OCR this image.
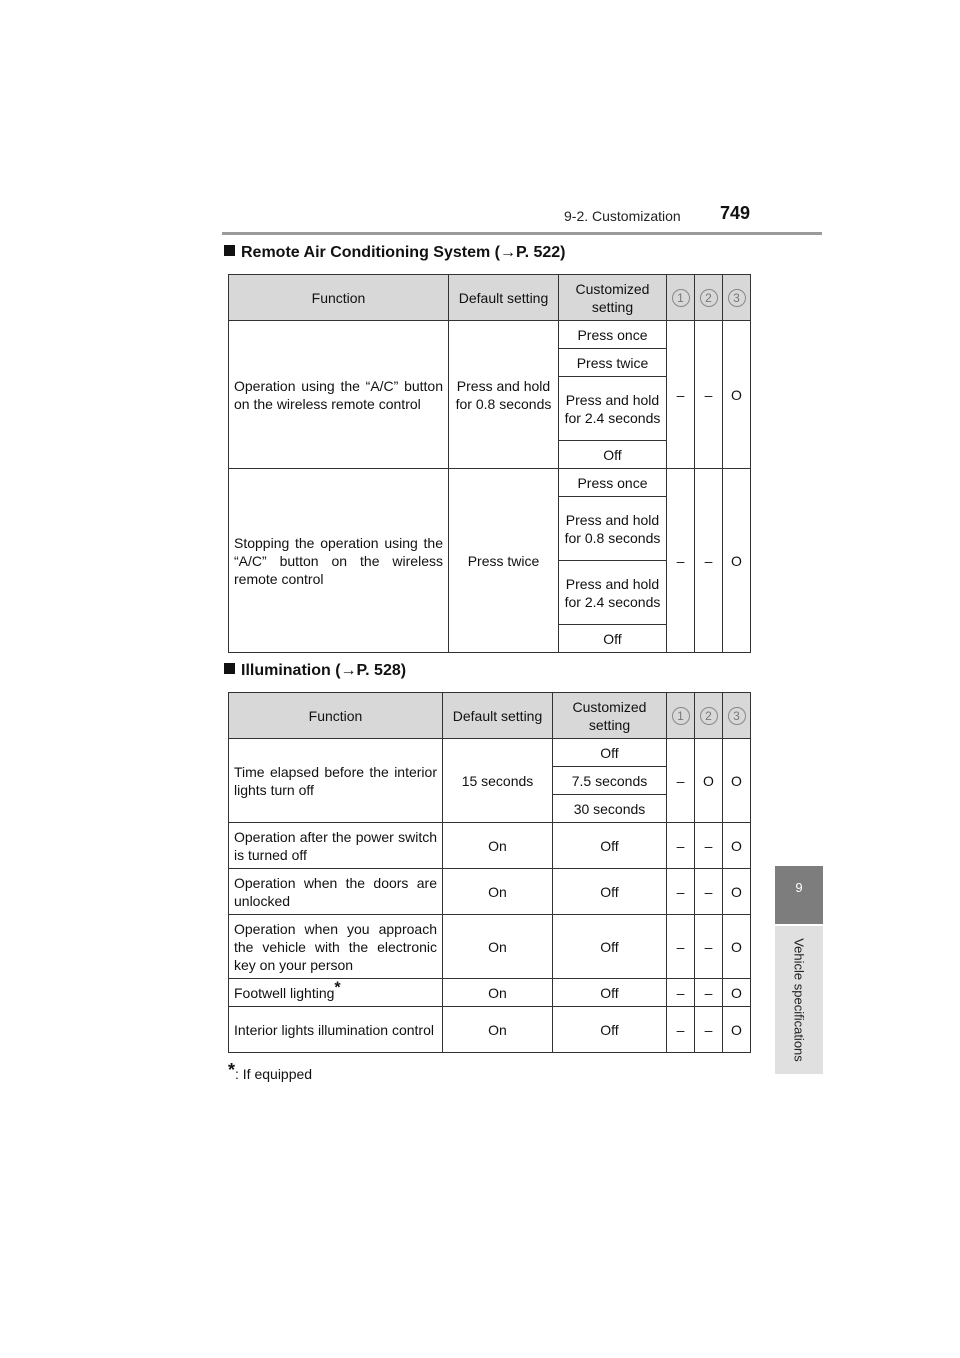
9-2. Customization 749
9
Vehicle specifications
Remote Air Conditioning System (→P. 522)
Function	Default setting	Customized setting	1	2	3
Operation using the “A/C” button on the wireless remote control	Press and hold for 0.8 seconds	Press once	–	–	O
		Press twice			
		Press and hold for 2.4 seconds			
		Off			
Stopping the operation using the “A/C” button on the wireless remote control	Press twice	Press once	–	–	O
		Press and hold for 0.8 seconds			
		Press and hold for 2.4 seconds			
		Off			
Illumination (→P. 528)
Function	Default setting	Customized setting	1	2	3
Time elapsed before the interior lights turn off	15 seconds	Off	–	O	O
		7.5 seconds			
		30 seconds			
Operation after the power switch is turned off	On	Off	–	–	O
Operation when the doors are unlocked	On	Off	–	–	O
Operation when you approach the vehicle with the electronic key on your person	On	Off	–	–	O
Footwell lighting*	On	Off	–	–	O
Interior lights illumination control	On	Off	–	–	O
*: If equipped
